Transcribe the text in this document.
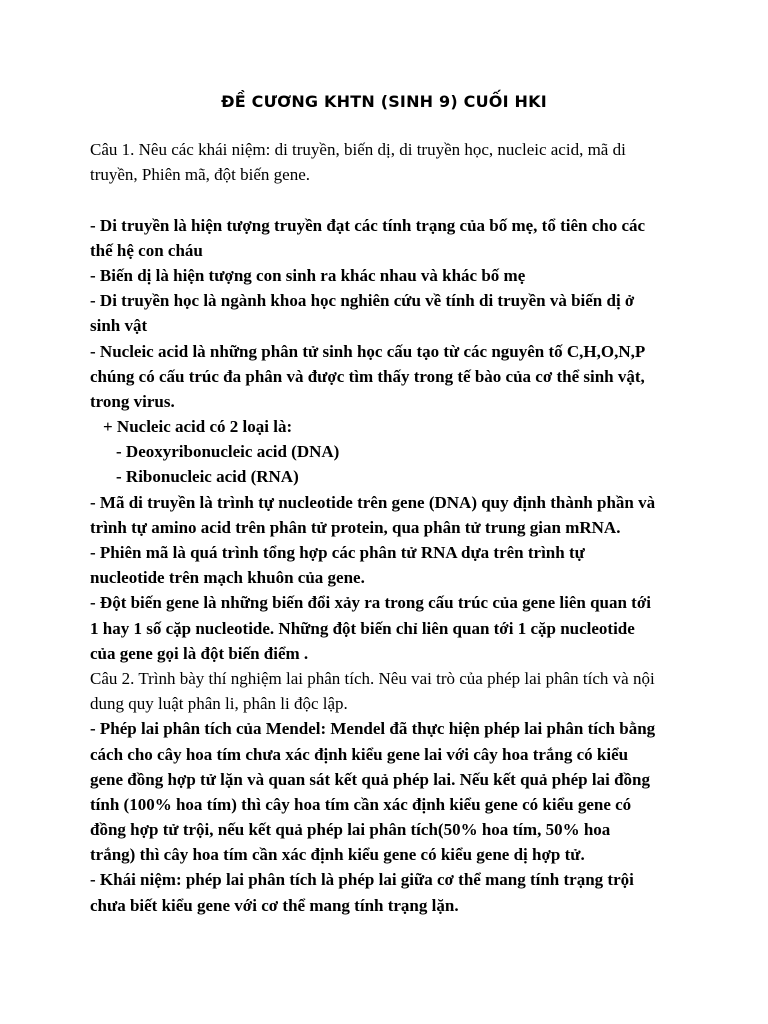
ĐỀ CƯƠNG KHTN (SINH 9) CUỐI HKI
Câu 1. Nêu các khái niệm: di truyền, biến dị, di truyền học, nucleic acid, mã di
truyền, Phiên mã, đột biến gene.
- Di truyền là hiện tượng truyền đạt các tính trạng của bố mẹ, tổ tiên cho các
thế hệ con cháu
- Biến dị là hiện tượng con sinh ra khác nhau và khác bố mẹ
- Di truyền học là ngành khoa học nghiên cứu về tính di truyền và biến dị ở
sinh vật
- Nucleic acid là những phân tử sinh học cấu tạo từ các nguyên tố C,H,O,N,P
chúng có cấu trúc đa phân và được tìm thấy trong tế bào của cơ thể sinh vật,
trong virus.
+ Nucleic acid có 2 loại là:
- Deoxyribonucleic acid (DNA)
- Ribonucleic acid (RNA)
- Mã di truyền là trình tự nucleotide trên gene (DNA) quy định thành phần và
trình tự amino acid trên phân tử protein, qua phân tử trung gian mRNA.
- Phiên mã là quá trình tổng hợp các phân tử RNA dựa trên trình tự
nucleotide trên mạch khuôn của gene.
- Đột biến gene là những biến đổi xảy ra trong cấu trúc của gene liên quan tới
1 hay 1 số cặp nucleotide. Những đột biến chỉ liên quan tới 1 cặp nucleotide
của gene gọi là đột biến điểm .
Câu 2. Trình bày thí nghiệm lai phân tích. Nêu vai trò của phép lai phân tích và nội
dung quy luật phân li, phân li độc lập.
- Phép lai phân tích của Mendel: Mendel đã thực hiện phép lai phân tích bằng
cách cho cây hoa tím chưa xác định kiểu gene lai với cây hoa trắng có kiểu
gene đồng hợp tử lặn và quan sát kết quả phép lai. Nếu kết quả phép lai đồng
tính (100% hoa tím) thì cây hoa tím cần xác định kiểu gene có kiểu gene có
đồng hợp tử trội, nếu kết quả phép lai phân tích(50% hoa tím, 50% hoa
trắng) thì cây hoa tím cần xác định kiểu gene có kiểu gene dị hợp tử.
- Khái niệm: phép lai phân tích là phép lai giữa cơ thể mang tính trạng trội
chưa biết kiểu gene với cơ thể mang tính trạng lặn.
